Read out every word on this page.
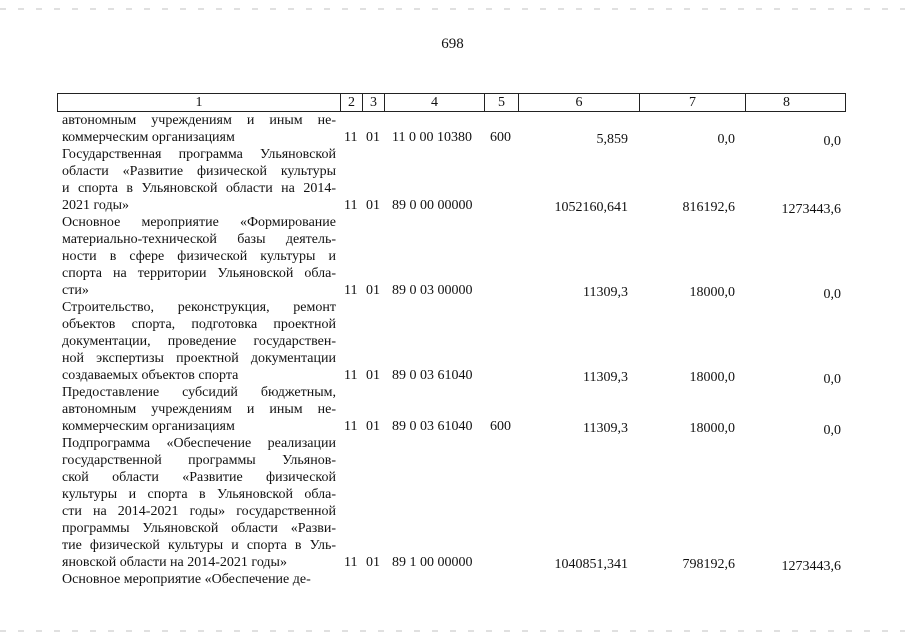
698
1	2	3	4	5	6	7	8
автономным учреждениям и иным не-
коммерческим организациям	11 01 11 0 00 10380 600	5,859	0,0	0,0
Государственная программа Ульяновской
области «Развитие физической культуры
и спорта в Ульяновской области на 2014-
2021 годы»	11 01 89 0 00 00000	1052160,641	816192,6	1273443,6
Основное мероприятие «Формирование
материально-технической базы деятель-
ности в сфере физической культуры и
спорта на территории Ульяновской обла-
сти»	11 01 89 0 03 00000	11309,3	18000,0	0,0
Строительство, реконструкция, ремонт
объектов спорта, подготовка проектной
документации, проведение государствен-
ной экспертизы проектной документации
создаваемых объектов спорта	11 01 89 0 03 61040	11309,3	18000,0	0,0
Предоставление субсидий бюджетным,
автономным учреждениям и иным не-
коммерческим организациям	11 01 89 0 03 61040 600	11309,3	18000,0	0,0
Подпрограмма «Обеспечение реализации
государственной программы Ульянов-
ской области «Развитие физической
культуры и спорта в Ульяновской обла-
сти на 2014-2021 годы» государственной
программы Ульяновской области «Разви-
тие физической культуры и спорта в Уль-
яновской области на 2014-2021 годы»	11 01 89 1 00 00000	1040851,341	798192,6	1273443,6
Основное мероприятие «Обеспечение де-
